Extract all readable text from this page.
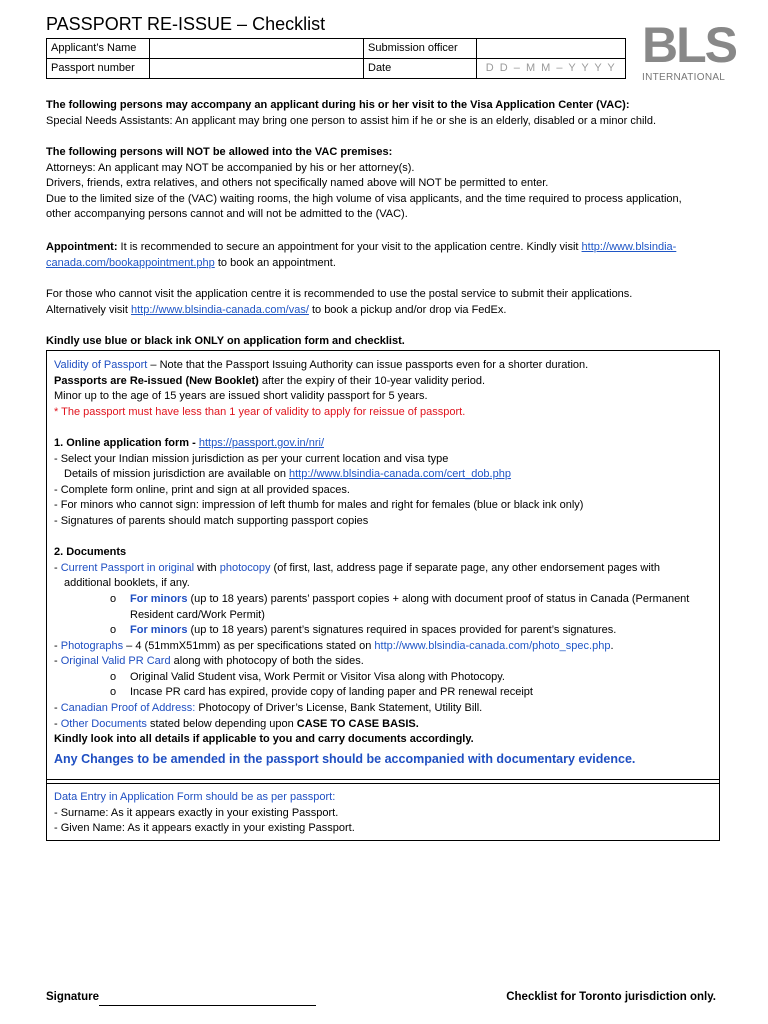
PASSPORT RE-ISSUE – Checklist
Applicant’s Name		Submission officer	
Passport number		Date	D D – M M – Y Y Y Y BLS
INTERNATIONAL

The following persons may accompany an applicant during his or her visit to the Visa Application Center (VAC):

Special Needs Assistants: An applicant may bring one person to assist him if he or she is an elderly, disabled or a minor child.

The following persons will NOT be allowed into the VAC premises:

Attorneys: An applicant may NOT be accompanied by his or her attorney(s).

Drivers, friends, extra relatives, and others not specifically named above will NOT be permitted to enter.

Due to the limited size of the (VAC) waiting rooms, the high volume of visa applicants, and the time required to process application,

other accompanying persons cannot and will not be admitted to the (VAC).

Appointment: It is recommended to secure an appointment for your visit to the application centre. Kindly visit http://www.blsindia-

canada.com/bookappointment.php to book an appointment.

For those who cannot visit the application centre it is recommended to use the postal service to submit their applications.

Alternatively visit http://www.blsindia-canada.com/vas/ to book a pickup and/or drop via FedEx.

Kindly use blue or black ink ONLY on application form and checklist.

Validity of Passport – Note that the Passport Issuing Authority can issue passports even for a shorter duration.

Passports are Re-issued (New Booklet) after the expiry of their 10-year validity period.

Minor up to the age of 15 years are issued short validity passport for 5 years.

* The passport must have less than 1 year of validity to apply for reissue of passport.

1. Online application form - https://passport.gov.in/nri/

- Select your Indian mission jurisdiction as per your current location and visa type

Details of mission jurisdiction are available on http://www.blsindia-canada.com/cert_dob.php

- Complete form online, print and sign at all provided spaces.

- For minors who cannot sign: impression of left thumb for males and right for females (blue or black ink only)

- Signatures of parents should match supporting passport copies

2. Documents

- Current Passport in original with photocopy (of first, last, address page if separate page, any other endorsement pages with

additional booklets, if any.

o For minors (up to 18 years) parents’ passport copies + along with document proof of status in Canada (Permanent
Resident card/Work Permit)
o For minors (up to 18 years) parent’s signatures required in spaces provided for parent’s signatures.

- Photographs – 4 (51mmX51mm) as per specifications stated on http://www.blsindia-canada.com/photo_spec.php.

- Original Valid PR Card along with photocopy of both the sides.

o Original Valid Student visa, Work Permit or Visitor Visa along with Photocopy.
o Incase PR card has expired, provide copy of landing paper and PR renewal receipt

- Canadian Proof of Address: Photocopy of Driver’s License, Bank Statement, Utility Bill.

- Other Documents stated below depending upon CASE TO CASE BASIS.

Kindly look into all details if applicable to you and carry documents accordingly.

Any Changes to be amended in the passport should be accompanied with documentary evidence.

Data Entry in Application Form should be as per passport:

- Surname: As it appears exactly in your existing Passport.

- Given Name: As it appears exactly in your existing Passport.

Signature	Checklist for Toronto jurisdiction only.
